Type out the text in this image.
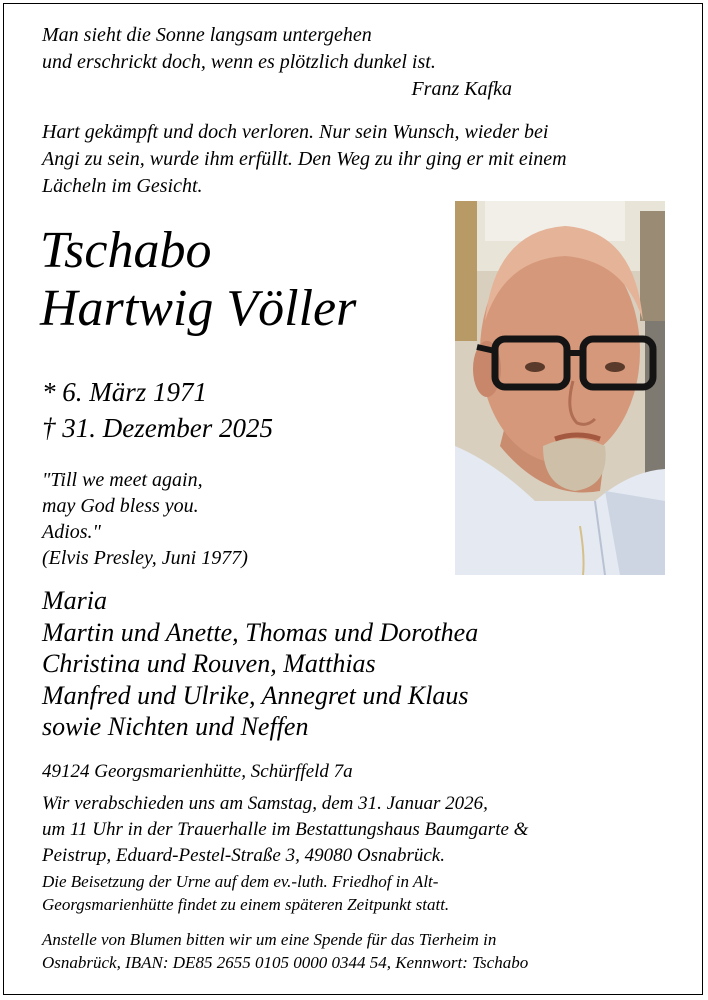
Man sieht die Sonne langsam untergehen
und erschrickt doch, wenn es plötzlich dunkel ist.
Franz Kafka
Hart gekämpft und doch verloren. Nur sein Wunsch, wieder bei
Angi zu sein, wurde ihm erfüllt. Den Weg zu ihr ging er mit einem
Lächeln im Gesicht.
Tschabo
Hartwig Völler
* 6. März 1971
† 31. Dezember 2025
"Till we meet again,
may God bless you.
Adios."
(Elvis Presley, Juni 1977)
Maria
Martin und Anette, Thomas und Dorothea
Christina und Rouven, Matthias
Manfred und Ulrike, Annegret und Klaus
sowie Nichten und Neffen
49124 Georgsmarienhütte, Schürffeld 7a
Wir verabschieden uns am Samstag, dem 31. Januar 2026,
um 11 Uhr in der Trauerhalle im Bestattungshaus Baumgarte &
Peistrup, Eduard-Pestel-Straße 3, 49080 Osnabrück.
Die Beisetzung der Urne auf dem ev.-luth. Friedhof in Alt-
Georgsmarienhütte findet zu einem späteren Zeitpunkt statt.
Anstelle von Blumen bitten wir um eine Spende für das Tierheim in
Osnabrück, IBAN: DE85 2655 0105 0000 0344 54, Kennwort: Tschabo
